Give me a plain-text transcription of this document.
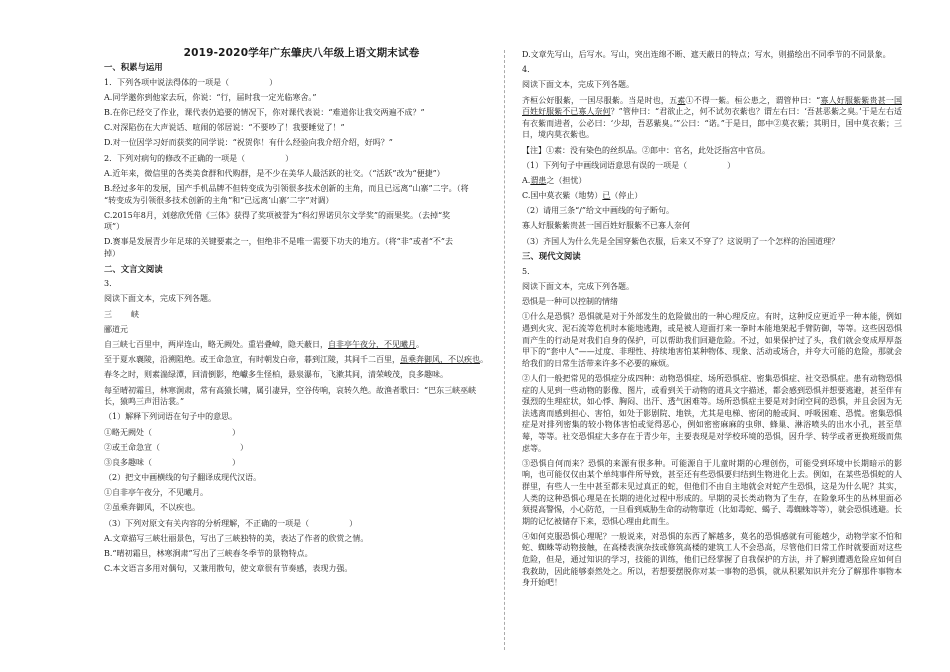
2019-2020学年广东肇庆八年级上语文期末试卷
一、积累与运用

1．下列各项中说法得体的一项是（　　　　　）

A.同学邀你到他家去玩，你说：“行，届时我一定光临寒舍。”

B.在你已经交了作业，课代表仍追要的情况下，你对课代表说：“难道你让我交两遍不成？”

C.对深陷伤在大声说话、喧闹的邻居说：“不要吵了！我要睡觉了！”

D.对一位因学习好而获奖的同学说：“祝贺你！有什么经验向我介绍介绍，好吗？”

2．下列对病句的修改不正确的一项是（　　　　　）

A.近年来，微信里的各类美食群和代购群，是不少在美华人最活跃的社交。（“活跃”改为“便捷”）

B.经过多年的发展，国产手机品牌不但转变成为引领很多技术创新的主角，而且已远离“山寨”二字。（将
“转变成为引领很多技术创新的主角”和“已远离‘山寨’二字”对调）

C.2015年8月，刘慈欣凭借《三体》获得了奖项被誉为“科幻界诺贝尔文学奖”的雨果奖。（去掉“奖
项”）

D.赛事是发展青少年足球的关键要素之一，但绝非不是唯一需要下功夫的地方。（将“非”或者“不”去
掉）

二、文言文阅读

3．

阅读下面文本，完成下列各题。

三　　峡

郦道元

自三峡七百里中，两岸连山，略无阙处。重岩叠嶂，隐天蔽日，自非亭午夜分，不见曦月。

至于夏水襄陵，沿溯阻绝。或王命急宣，有时朝发白帝，暮到江陵，其间千二百里，虽乘奔御风，不以疾也。

春冬之时，则素湍绿潭，回清倒影，绝巘多生怪柏，悬泉瀑布，飞漱其间，清荣峻茂，良多趣味。

每至晴初霜旦，林寒涧肃，常有高猿长啸，属引凄异，空谷传响，哀转久绝。故渔者歌曰：“巴东三峡巫峡
长，猿鸣三声泪沾裳。”

（1）解释下列词语在句子中的意思。

①略无阙处（　　　　　　　　　　）

②或王命急宣（　　　　　　　　　　）

③良多趣味（　　　　　　　　　　）

（2）把文中画横线的句子翻译成现代汉语。

①自非亭午夜分，不见曦月。

②虽乘奔御风，不以疾也。

（3）下列对原文有关内容的分析理解，不正确的一项是（　　　　　）

A.文章描写三峡壮丽景色，写出了三峡独特的美，表达了作者的欣赏之情。

B.“晴初霜旦，林寒涧肃”写出了三峡春冬季节的景物特点。

C.本文语言多用对偶句，又兼用散句，使文章很有节奏感，表现力强。

D.文章先写山，后写水。写山，突出连绵不断、遮天蔽日的特点；写水，则描绘出不同季节的不同景象。

4．

阅读下面文本，完成下列各题。

齐桓公好服紫，一国尽服紫。当是时也，五素①不得一紫。桓公患之，谓管仲曰：“寡人好服紫紫贵甚一国百姓好服紫不已寡人奈何？”管仲曰：“君欲止之，何不试勿衣紫也？谓左右曰：‘吾甚恶紫之臭。’于是左右适有衣紫而进者，公必曰：‘少却，吾恶紫臭。’”公曰：“诺。”于是日，郎中②莫衣紫；其明日，国中莫衣紫；三日，境内莫衣紫也。

【注】①素：没有染色的丝织品。②郎中：官名，此处泛指宫中官员。

（1）下列句子中画线词语意思有误的一项是（　　　　　）

A.谓患之（担忧）

C.国中莫衣紫（地势）已（停止）

（2）请用三条“/”给文中画线的句子断句。

寡人好服紫紫贵甚一国百姓好服紫不已寡人奈何

（3）齐国人为什么先是全国穿紫色衣服，后来又不穿了？这说明了一个怎样的治国道理？

三、现代文阅读

5．

阅读下面文本，完成下列各题。

恐惧是一种可以控制的情绪

①什么是恐惧？恐惧就是对于外部发生的危险做出的一种心理反应。有时，这种反应更近乎一种本能，例如遇到火灾、泥石流等危机时本能地逃跑，或是被人迎面打来一拳时本能地架起手臂防御，等等。这些因恐惧而产生的行动是对我们自身的保护，可以帮助我们回避危险。不过，如果保护过了头，我们就会变成厚厚盔甲下的“套中人”——过度、非理性、持续地害怕某种物体、现象、活动或场合，并夸大可能的危险，那就会给我们的日常生活带来许多不必要的麻烦。

②人们一般把常见的恐惧症分成四种：动物恐惧症、场所恐惧症、密集恐惧症、社交恐惧症。患有动物恐惧症的人见到一些动物的影像、图片，或看到关于动物的道具文字描述，都会感到恐惧并想要逃避，甚至伴有强烈的生理症状，如心悸、胸闷、出汗、透气困难等。场所恐惧症主要是对封闭空间的恐惧，并且会因为无法逃离而感到担心、害怕，如处于影剧院、地铁，尤其是电梯、密闭的舱或间、呼吸困难、恐慌。密集恐惧症是对排列密集的较小物体害怕或觉得恶心，例如密密麻麻的虫卵、蜂巢、淋浴喷头的出水小孔，甚至草莓，等等。社交恐惧症大多存在于青少年，主要表现是对学校环境的恐惧，因升学、转学或者更换班级而焦虑等。

③恐惧自何而来？恐惧的来源有很多种。可能源自于儿童时期的心理创伤，可能受到环境中长期暗示的影响，也可能仅仅由某个单纯事件所导致，甚至还有些恐惧要归结到生物进化上去。例如，在某些恐惧蛇的人群里，有些人一生中甚至都未见过真正的蛇，但他们不由自主地就会对蛇产生恐惧，这是为什么呢？其实，人类的这种恐惧心理是在长期的进化过程中形成的。早期的灵长类动物为了生存，在险象环生的丛林里面必须提高警惕，小心防范，一旦看到威胁生命的动物靠近（比如毒蛇、蝎子、毒蜘蛛等等），就会恐惧逃避。长期的记忆被储存下来，恐惧心理由此而生。

④如何克服恐惧心理呢？一般说来，对恐惧的东西了解越多，莫名的恐惧感就有可能越少，动物学家不怕和蛇、蜘蛛等动物接触，在高楼表演杂技或修筑高楼的建筑工人不会恐高，尽管他们日常工作时就要面对这些危险，但是，通过知识的学习，技能的训练，他们已经掌握了自我保护的方法，并了解到遭遇危险应如何自我救助，因此能够泰然处之。所以，若想要摆脱你对某一事物的恐惧，就从积累知识并充分了解那件事物本身开始吧！
